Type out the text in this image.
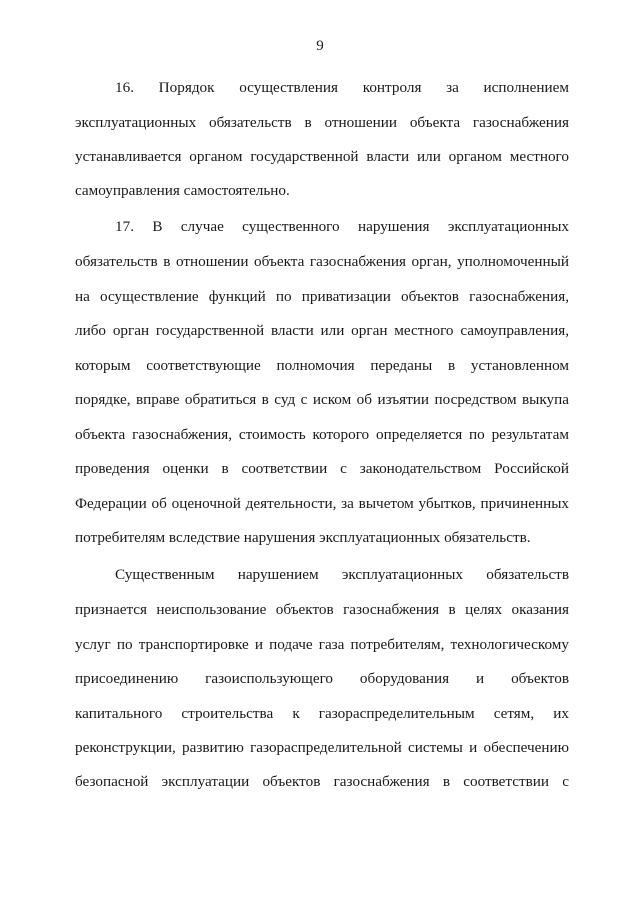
9
16. Порядок осуществления контроля за исполнением
эксплуатационных обязательств в отношении объекта газоснабжения
устанавливается органом государственной власти или органом местного
самоуправления самостоятельно.
17. В случае существенного нарушения эксплуатационных
обязательств в отношении объекта газоснабжения орган, уполномоченный
на осуществление функций по приватизации объектов газоснабжения,
либо орган государственной власти или орган местного самоуправления,
которым соответствующие полномочия переданы в установленном
порядке, вправе обратиться в суд с иском об изъятии посредством выкупа
объекта газоснабжения, стоимость которого определяется по результатам
проведения оценки в соответствии с законодательством Российской
Федерации об оценочной деятельности, за вычетом убытков, причиненных
потребителям вследствие нарушения эксплуатационных обязательств.
Существенным нарушением эксплуатационных обязательств
признается неиспользование объектов газоснабжения в целях оказания
услуг по транспортировке и подаче газа потребителям, технологическому
присоединению газоиспользующего оборудования и объектов
капитального строительства к газораспределительным сетям, их
реконструкции, развитию газораспределительной системы и обеспечению
безопасной эксплуатации объектов газоснабжения в соответствии с
